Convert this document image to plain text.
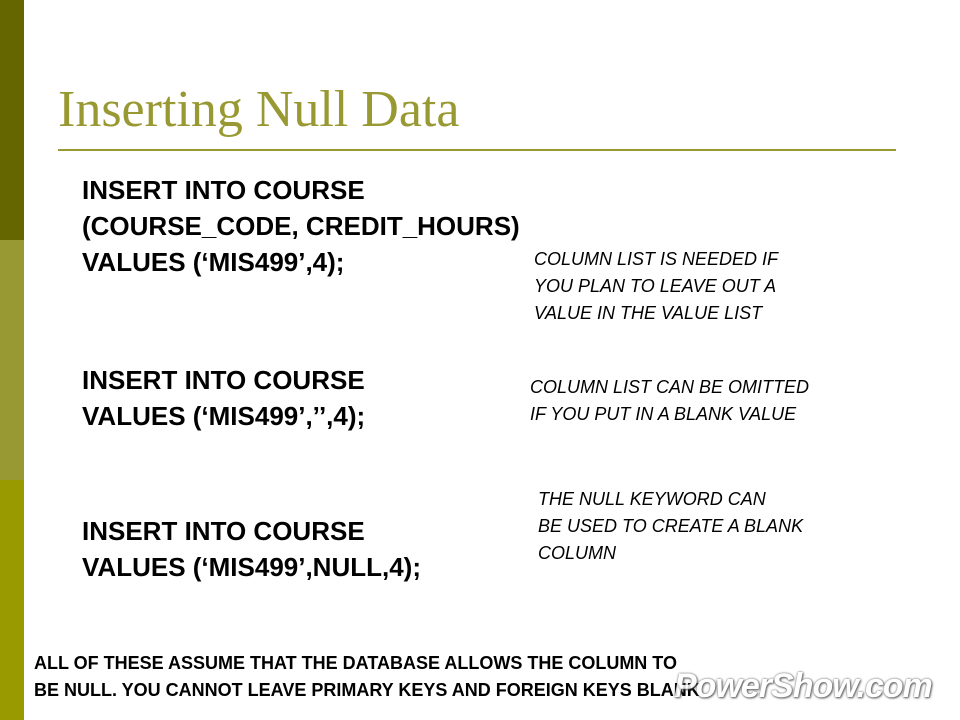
Inserting Null Data
INSERT INTO COURSE
(COURSE_CODE, CREDIT_HOURS)
VALUES (‘MIS499’,4);	COLUMN LIST IS NEEDED IF
YOU PLAN TO LEAVE OUT A
VALUE IN THE VALUE LIST
INSERT INTO COURSE
VALUES (‘MIS499’,’’,4);
COLUMN LIST CAN BE OMITTED
IF YOU PUT IN A BLANK VALUE
INSERT INTO COURSE
VALUES (‘MIS499’,NULL,4);
THE NULL KEYWORD CAN
BE USED TO CREATE A BLANK
COLUMN
ALL OF THESE ASSUME THAT THE DATABASE ALLOWS THE COLUMN TO
BE NULL. YOU CANNOT LEAVE PRIMARY KEYS AND FOREIGN KEYS BLANK
PowerShow.com
